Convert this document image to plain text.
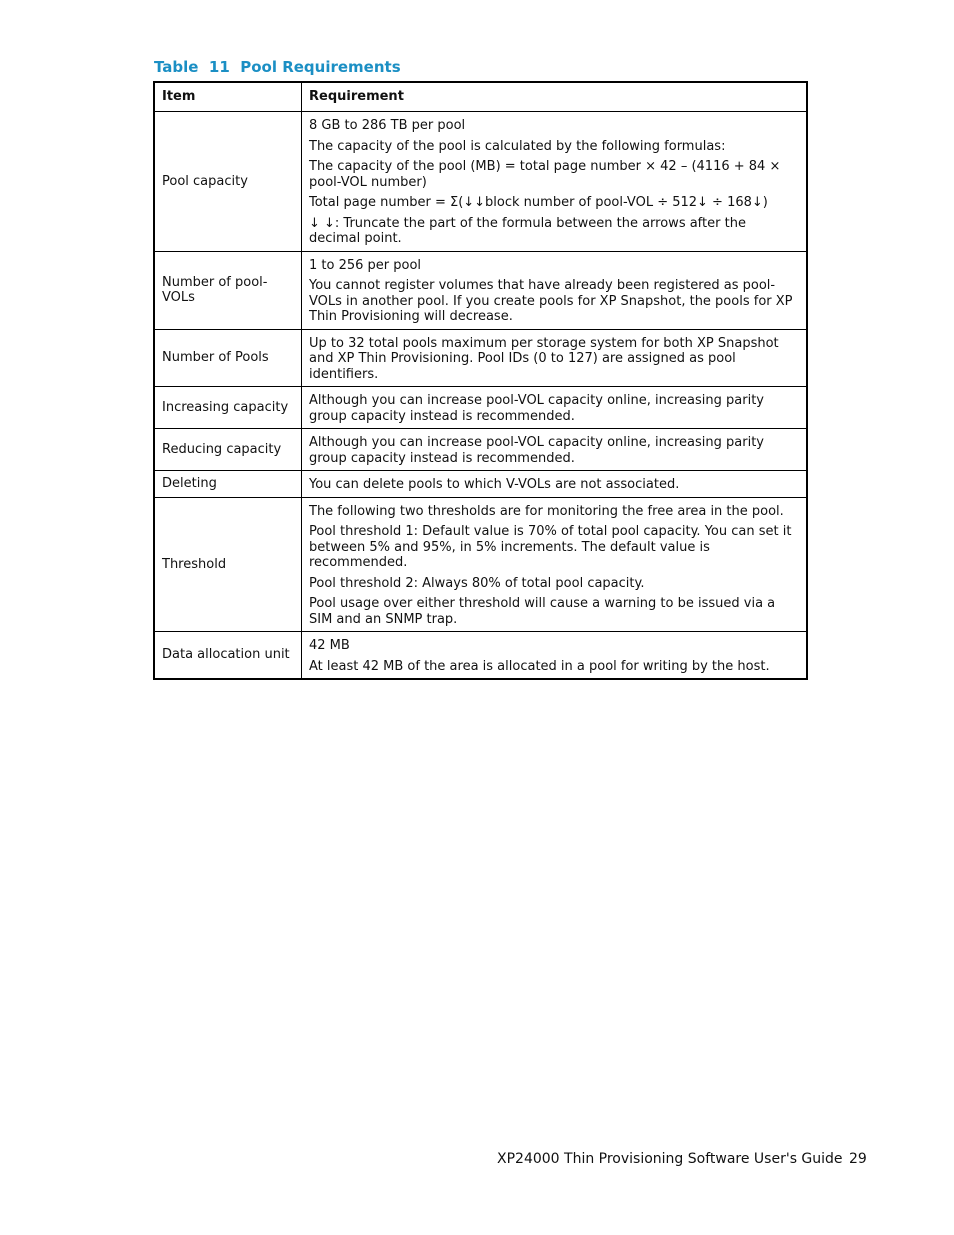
Table  11  Pool Requirements
Item	Requirement
Pool capacity	8 GB to 286 TB per pool
The capacity of the pool is calculated by the following formulas:
The capacity of the pool (MB) = total page number × 42 – (4116 + 84 × pool-VOL number)
Total page number = Σ(↓↓block number of pool-VOL ÷ 512↓ ÷ 168↓)
↓ ↓: Truncate the part of the formula between the arrows after the decimal point.

Number of pool-VOLs	1 to 256 per pool
You cannot register volumes that have already been registered as pool-VOLs in another pool. If you create pools for XP Snapshot, the pools for XP Thin Provisioning will decrease.

Number of Pools	Up to 32 total pools maximum per storage system for both XP Snapshot and XP Thin Provisioning. Pool IDs (0 to 127) are assigned as pool identifiers.

Increasing capacity	Although you can increase pool-VOL capacity online, increasing parity group capacity instead is recommended.

Reducing capacity	Although you can increase pool-VOL capacity online, increasing parity group capacity instead is recommended.

Deleting	You can delete pools to which V-VOLs are not associated.

Threshold	The following two thresholds are for monitoring the free area in the pool.
Pool threshold 1: Default value is 70% of total pool capacity. You can set it between 5% and 95%, in 5% increments. The default value is recommended.
Pool threshold 2: Always 80% of total pool capacity.
Pool usage over either threshold will cause a warning to be issued via a SIM and an SNMP trap.

Data allocation unit	42 MB
At least 42 MB of the area is allocated in a pool for writing by the host.
XP24000 Thin Provisioning Software User's Guide 29
